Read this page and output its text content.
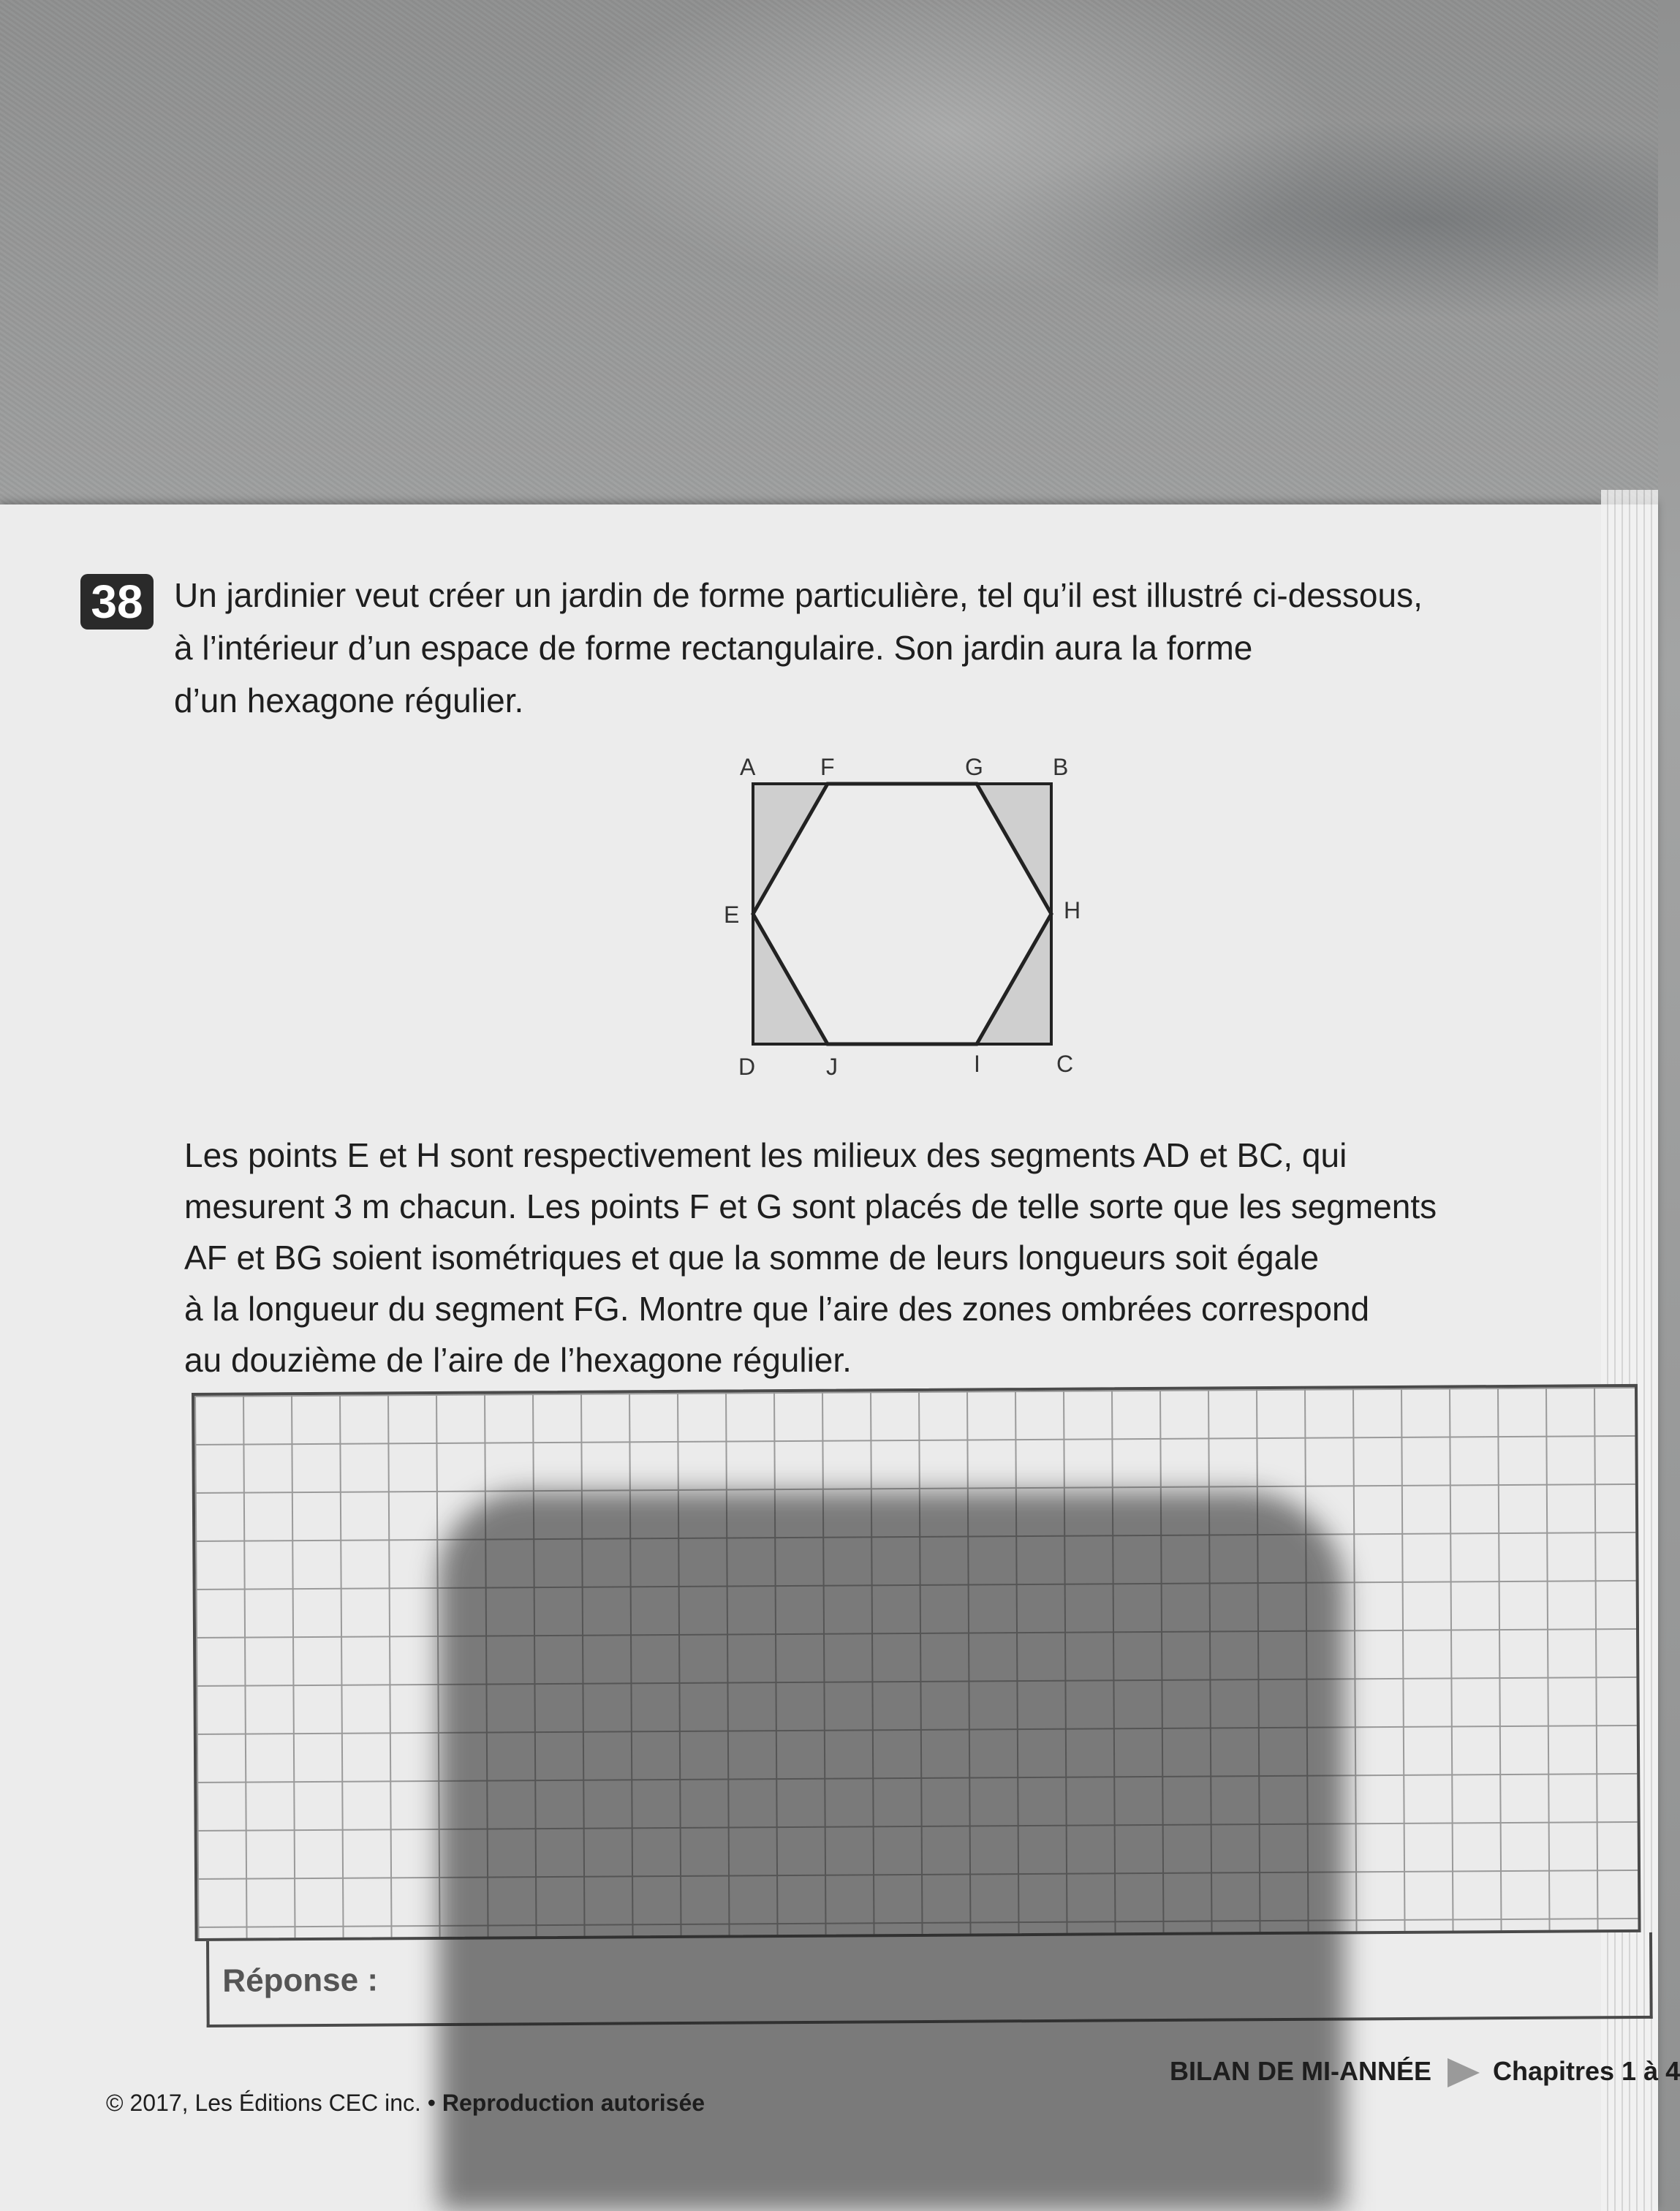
38 Un jardinier veut créer un jardin de forme particulière, tel qu’il est illustré ci-dessous,
à l’intérieur d’un espace de forme rectangulaire. Son jardin aura la forme
d’un hexagone régulier.
A	F	G	B
E	H
D	J	I	C
Les points E et H sont respectivement les milieux des segments AD et BC, qui
mesurent 3 m chacun. Les points F et G sont placés de telle sorte que les segments
AF et BG soient isométriques et que la somme de leurs longueurs soit égale
à la longueur du segment FG. Montre que l’aire des zones ombrées correspond
au douzième de l’aire de l’hexagone régulier.
Réponse :
© 2017, Les Éditions CEC inc. • Reproduction autorisée
BILAN DE MI-ANNÉE Chapitres 1 à 4
